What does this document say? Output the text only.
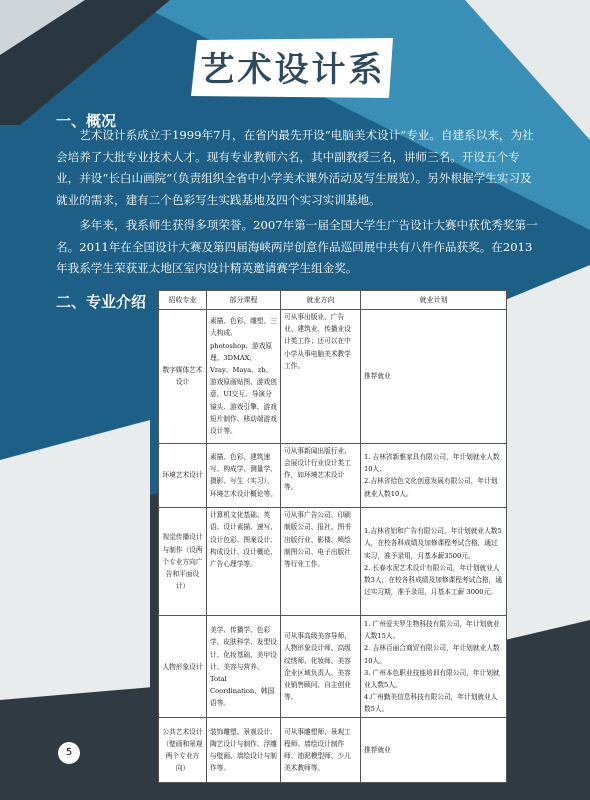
艺术设计系
一、概况

艺术设计系成立于1999年7月，在省内最先开设“电脑美术设计”专业。自建系以来，为社会培养了大批专业技术人才。现有专业教师六名，其中副教授三名，讲师三名。开设五个专业，并设“长白山画院”（负责组织全省中小学美术课外活动及写生展览）。另外根据学生实习及就业的需求，建有二个色彩写生实践基地及四个实习实训基地。

多年来，我系师生获得多项荣誉。2007年第一届全国大学生广告设计大赛中获优秀奖第一名。2011年在全国设计大赛及第四届海峡两岸创意作品巡回展中共有八件作品获奖。在2013年我系学生荣获亚太地区室内设计精英邀请赛学生组金奖。

二、专业介绍	招收专业	部分课程	就业方向	就业计划
数字媒体艺术设计	素描、色彩、雕塑、三大构成、photoshop、游戏原理、3DMAX、Vray、Maya、zb、游戏原画贴图、游戏创意、UI交互、导演分镜头、游戏引擎、游戏短片制作、移动端游戏设计等。	可从事出版业、广告业、建筑业、传播业设计类工作；还可以在中小学从事电脑美术教学工作。	推荐就业
环境艺术设计	素描、色彩、建筑速写、构成学、测量学、摄影、写生（实习）、环境艺术设计概论等。	可从事新闻出版行业、会展设计行业设计类工作，如环境艺术设计等。	1. 吉林省新雅家具有限公司，年计划就业人数10人；
2.吉林省拾色文化创意发展有限公司，年计划就业人数10人。
视觉传播设计与制作（设两个专业方向广告和平面设计）	计算机文化基础、英语、设计素描、速写、设计色彩、图案设计、构成设计、设计概论、广告心理学等。	可从事广告公司、印刷制版公司、报社、图书出版行业、影楼、喷绘制图公司、电子出版社等行业工作。	1.吉林省铝和广告有限公司，年计划就业人数5人，在校各科成绩及加修课程考试合格，通过实习，准予录用，月基本薪3500元。
2. 长春水泥艺术设计有限公司，年计划就业人数3人，在校各科成绩及加修课程考试合格，通过实习期，准予录用，月基本工薪 3000元。
人物形象设计	美学、传播学、色彩学、皮肤科学、发型设计、化妆基础、美甲设计、美容与营养、Total Coordination、韩国语等。	可从事高级美容导师、人物形象设计师、高级纹绣师、化妆师、美容企业区域负责人、美容业销售顾问、自主创业等。	1. 广州爱夫罗生物科技有限公司，年计划就业人数15人。
2. 吉林百丽合商贸有限公司，年计划就业人数10人。
3. 广州本色职业技能培训有限公司，年计划就业人数5人。
4.广州勤美信息科技有限公司，年计划就业人数5人。
公共艺术设计（壁画和景观两个专业方向）	装饰雕塑、景观设计、陶艺设计与制作、浮雕与壁画、墙绘设计与制作等。	可从事雕塑师、景观工程师、墙绘设计制作师、油泥模型师、少儿美术教师等。	推荐就业
5
